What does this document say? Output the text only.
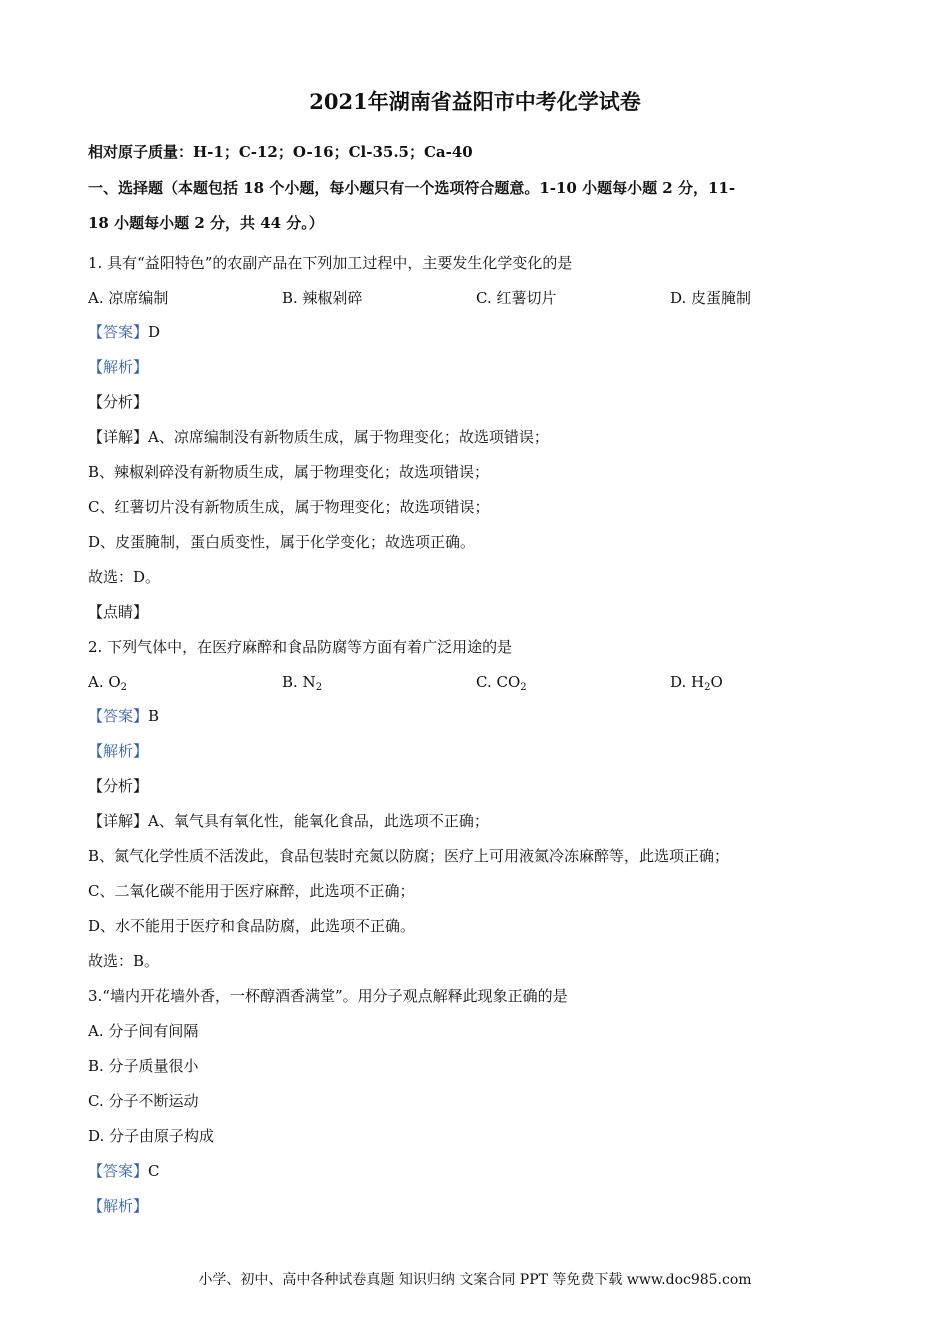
2021年湖南省益阳市中考化学试卷
相对原子质量：H-1；C-12；O-16；Cl-35.5；Ca-40
一、选择题（本题包括 18 个小题，每小题只有一个选项符合题意。1-10 小题每小题 2 分，11-
18 小题每小题 2 分，共 44 分。）
1. 具有“益阳特色”的农副产品在下列加工过程中，主要发生化学变化的是
A. 凉席编制	B. 辣椒剁碎	C. 红薯切片	D. 皮蛋腌制
【答案】D
【解析】
【分析】
【详解】A、凉席编制没有新物质生成，属于物理变化；故选项错误；
B、辣椒剁碎没有新物质生成，属于物理变化；故选项错误；
C、红薯切片没有新物质生成，属于物理变化；故选项错误；
D、皮蛋腌制，蛋白质变性，属于化学变化；故选项正确。
故选：D。
【点睛】
2. 下列气体中，在医疗麻醉和食品防腐等方面有着广泛用途的是
A. $O_2$	B. $N_2$	C. $CO_2$	D. $H_2O$
【答案】B
【解析】
【分析】
【详解】A、氧气具有氧化性，能氧化食品，此选项不正确；
B、氮气化学性质不活泼此，食品包装时充氮以防腐；医疗上可用液氮冷冻麻醉等，此选项正确；
C、二氧化碳不能用于医疗麻醉，此选项不正确；
D、水不能用于医疗和食品防腐，此选项不正确。
故选：B。
3.“墙内开花墙外香，一杯醇酒香满堂”。用分子观点解释此现象正确的是
A. 分子间有间隔
B. 分子质量很小
C. 分子不断运动
D. 分子由原子构成
【答案】C
【解析】
小学、初中、高中各种试卷真题 知识归纳 文案合同 PPT 等免费下载 www.doc985.com
